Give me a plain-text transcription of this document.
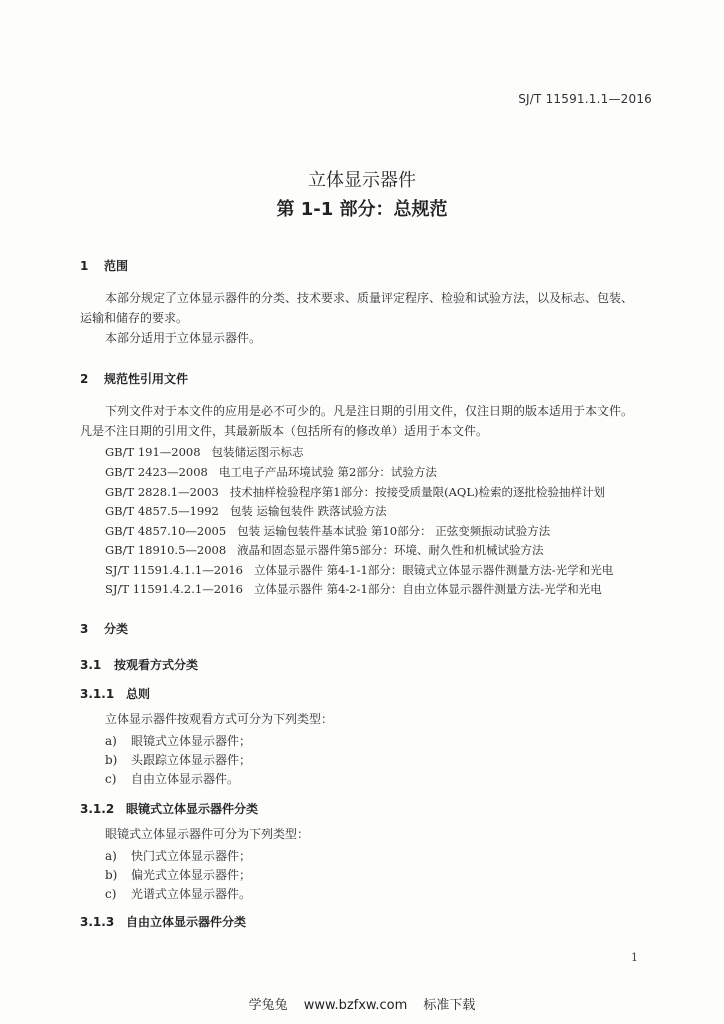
SJ/T 11591.1.1—2016
立体显示器件
第 1-1 部分：总规范
1 范围
本部分规定了立体显示器件的分类、技术要求、质量评定程序、检验和试验方法，以及标志、包装、
运输和储存的要求。
本部分适用于立体显示器件。
2 规范性引用文件
下列文件对于本文件的应用是必不可少的。凡是注日期的引用文件，仅注日期的版本适用于本文件。
凡是不注日期的引用文件，其最新版本（包括所有的修改单）适用于本文件。
GB/T 191—2008 包装储运图示标志
GB/T 2423—2008 电工电子产品环境试验 第2部分：试验方法
GB/T 2828.1—2003 技术抽样检验程序第1部分：按接受质量限(AQL)检索的逐批检验抽样计划
GB/T 4857.5—1992 包装 运输包装件 跌落试验方法
GB/T 4857.10—2005 包装 运输包装件基本试验 第10部分： 正弦变频振动试验方法
GB/T 18910.5—2008 液晶和固态显示器件第5部分：环境、耐久性和机械试验方法
SJ/T 11591.4.1.1—2016 立体显示器件 第4-1-1部分：眼镜式立体显示器件测量方法-光学和光电
SJ/T 11591.4.2.1—2016 立体显示器件 第4-2-1部分：自由立体显示器件测量方法-光学和光电
3 分类
3.1 按观看方式分类
3.1.1 总则
立体显示器件按观看方式可分为下列类型：
a) 眼镜式立体显示器件；
b) 头跟踪立体显示器件；
c) 自由立体显示器件。
3.1.2 眼镜式立体显示器件分类
眼镜式立体显示器件可分为下列类型：
a) 快门式立体显示器件；
b) 偏光式立体显示器件；
c) 光谱式立体显示器件。
3.1.3 自由立体显示器件分类
1
学兔兔 www.bzfxw.com 标准下载
